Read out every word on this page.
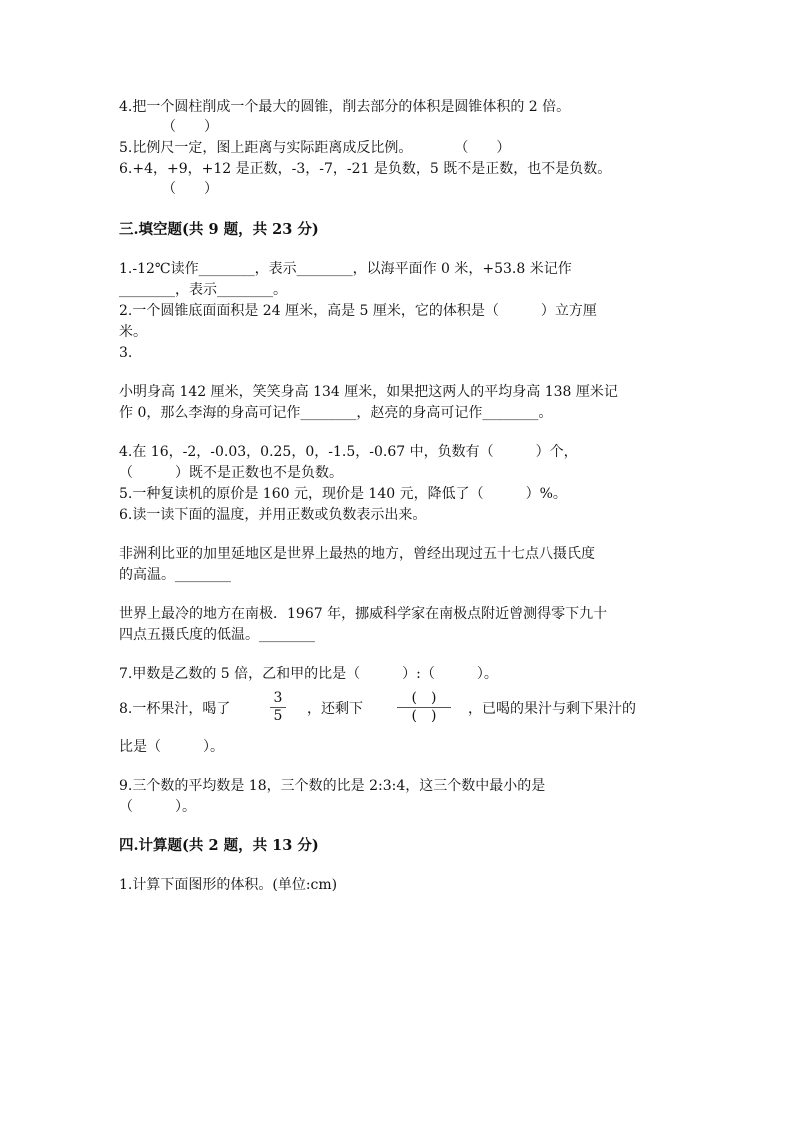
4.把一个圆柱削成一个最大的圆锥，削去部分的体积是圆锥体积的 2 倍。
（　　）
5.比例尺一定，图上距离与实际距离成反比例。　　　　（　　）
6.+4，+9，+12 是正数，-3，-7，-21 是负数，5 既不是正数，也不是负数。
（　　）
三.填空题(共 9 题，共 23 分)
1.-12℃读作________，表示________，以海平面作 0 米，+53.8 米记作
________，表示________。
2.一个圆锥底面面积是 24 厘米，高是 5 厘米，它的体积是（　　　）立方厘
米。
3.
小明身高 142 厘米，笑笑身高 134 厘米，如果把这两人的平均身高 138 厘米记
作 0，那么李海的身高可记作________，赵亮的身高可记作________。
4.在 16，-2，-0.03，0.25，0，-1.5，-0.67 中，负数有（　　　）个，
（　　　）既不是正数也不是负数。
5.一种复读机的原价是 160 元，现价是 140 元，降低了（　　　）%。
6.读一读下面的温度，并用正数或负数表示出来。
非洲利比亚的加里延地区是世界上最热的地方，曾经出现过五十七点八摄氏度
的高温。________
世界上最冷的地方在南极．1967 年，挪威科学家在南极点附近曾测得零下九十
四点五摄氏度的低温。________
7.甲数是乙数的 5 倍，乙和甲的比是（　　　）:（　　　）。
8.一杯果汁，喝了
3
5 ，还剩下
(　)
(　)	，已喝的果汁与剩下果汁的
比是（　　　）。
9.三个数的平均数是 18，三个数的比是 2:3:4，这三个数中最小的是
（　　　）。
四.计算题(共 2 题，共 13 分)
1.计算下面图形的体积。(单位:cm)
